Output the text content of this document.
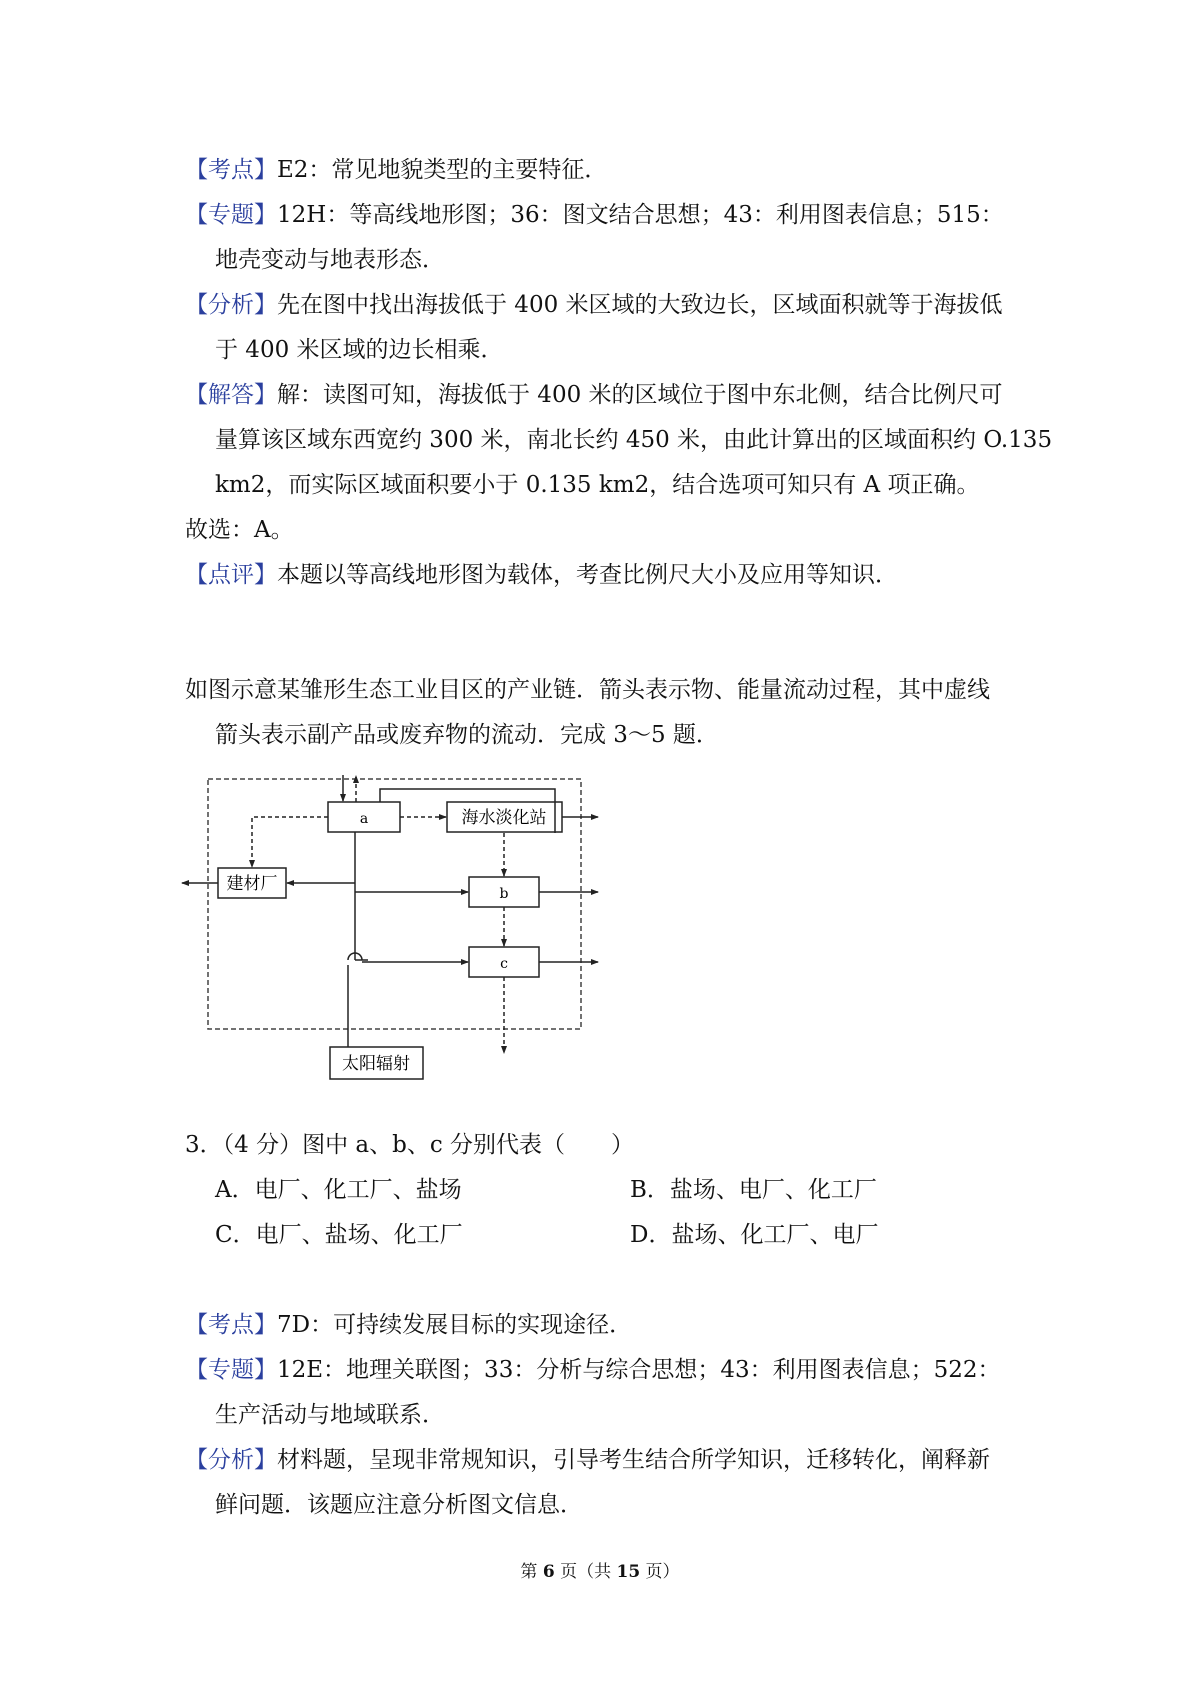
【考点】E2：常见地貌类型的主要特征．
【专题】12H：等高线地形图；36：图文结合思想；43：利用图表信息；515：
地壳变动与地表形态．
【分析】先在图中找出海拔低于 400 米区域的大致边长，区域面积就等于海拔低
于 400 米区域的边长相乘．
【解答】解：读图可知，海拔低于 400 米的区域位于图中东北侧，结合比例尺可
量算该区域东西宽约 300 米，南北长约 450 米，由此计算出的区域面积约 O.135
km2，而实际区域面积要小于 0.135 km2，结合选项可知只有 A 项正确。
故选：A。
【点评】本题以等高线地形图为载体，考查比例尺大小及应用等知识．
如图示意某雏形生态工业目区的产业链．箭头表示物、能量流动过程，其中虚线
箭头表示副产品或废弃物的流动．完成 3～5 题．
a	海水淡化站
建材厂	b
c
太阳辐射
3．（4 分）图中 a、b、c 分别代表（　　）
A．电厂、化工厂、盐场	B．盐场、电厂、化工厂
C．电厂、盐场、化工厂	D．盐场、化工厂、电厂
【考点】7D：可持续发展目标的实现途径．
【专题】12E：地理关联图；33：分析与综合思想；43：利用图表信息；522：
生产活动与地域联系．
【分析】材料题，呈现非常规知识，引导考生结合所学知识，迁移转化，阐释新
鲜问题．该题应注意分析图文信息．
第 6 页（共 15 页）
